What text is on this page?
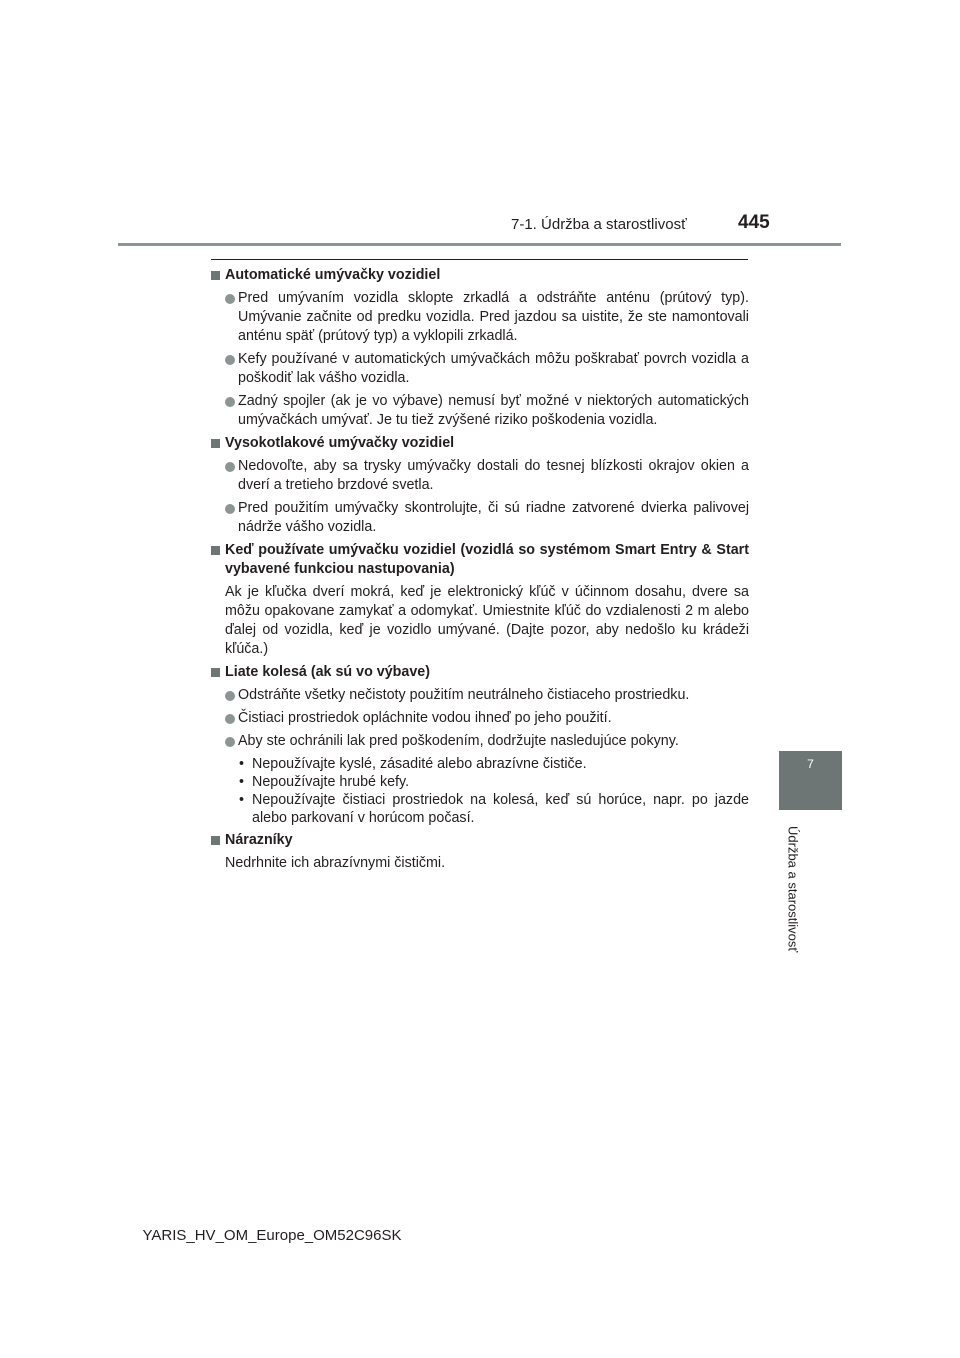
7-1. Údržba a starostlivosť	445
7
Údržba a starostlivosť
Automatické umývačky vozidiel
Pred umývaním vozidla sklopte zrkadlá a odstráňte anténu (prútový typ). Umývanie začnite od predku vozidla. Pred jazdou sa uistite, že ste namontovali anténu späť (prútový typ) a vyklopili zrkadlá.
Kefy používané v automatických umývačkách môžu poškrabať povrch vozidla a poškodiť lak vášho vozidla.
Zadný spojler (ak je vo výbave) nemusí byť možné v niektorých automatických umývačkách umývať. Je tu tiež zvýšené riziko poškodenia vozidla.
Vysokotlakové umývačky vozidiel
Nedovoľte, aby sa trysky umývačky dostali do tesnej blízkosti okrajov okien a dverí a tretieho brzdové svetla.
Pred použitím umývačky skontrolujte, či sú riadne zatvorené dvierka palivovej nádrže vášho vozidla.
Keď používate umývačku vozidiel (vozidlá so systémom Smart Entry & Start vybavené funkciou nastupovania)
Ak je kľučka dverí mokrá, keď je elektronický kľúč v účinnom dosahu, dvere sa môžu opakovane zamykať a odomykať. Umiestnite kľúč do vzdialenosti 2 m alebo ďalej od vozidla, keď je vozidlo umývané. (Dajte pozor, aby nedošlo ku krádeži kľúča.)
Liate kolesá (ak sú vo výbave)
Odstráňte všetky nečistoty použitím neutrálneho čistiaceho prostriedku.
Čistiaci prostriedok opláchnite vodou ihneď po jeho použití.
Aby ste ochránili lak pred poškodením, dodržujte nasledujúce pokyny.
• Nepoužívajte kyslé, zásadité alebo abrazívne čističe.
• Nepoužívajte hrubé kefy.
• Nepoužívajte čistiaci prostriedok na kolesá, keď sú horúce, napr. po jazde alebo parkovaní v horúcom počasí.
Nárazníky
Nedrhnite ich abrazívnymi čističmi.
YARIS_HV_OM_Europe_OM52C96SK
